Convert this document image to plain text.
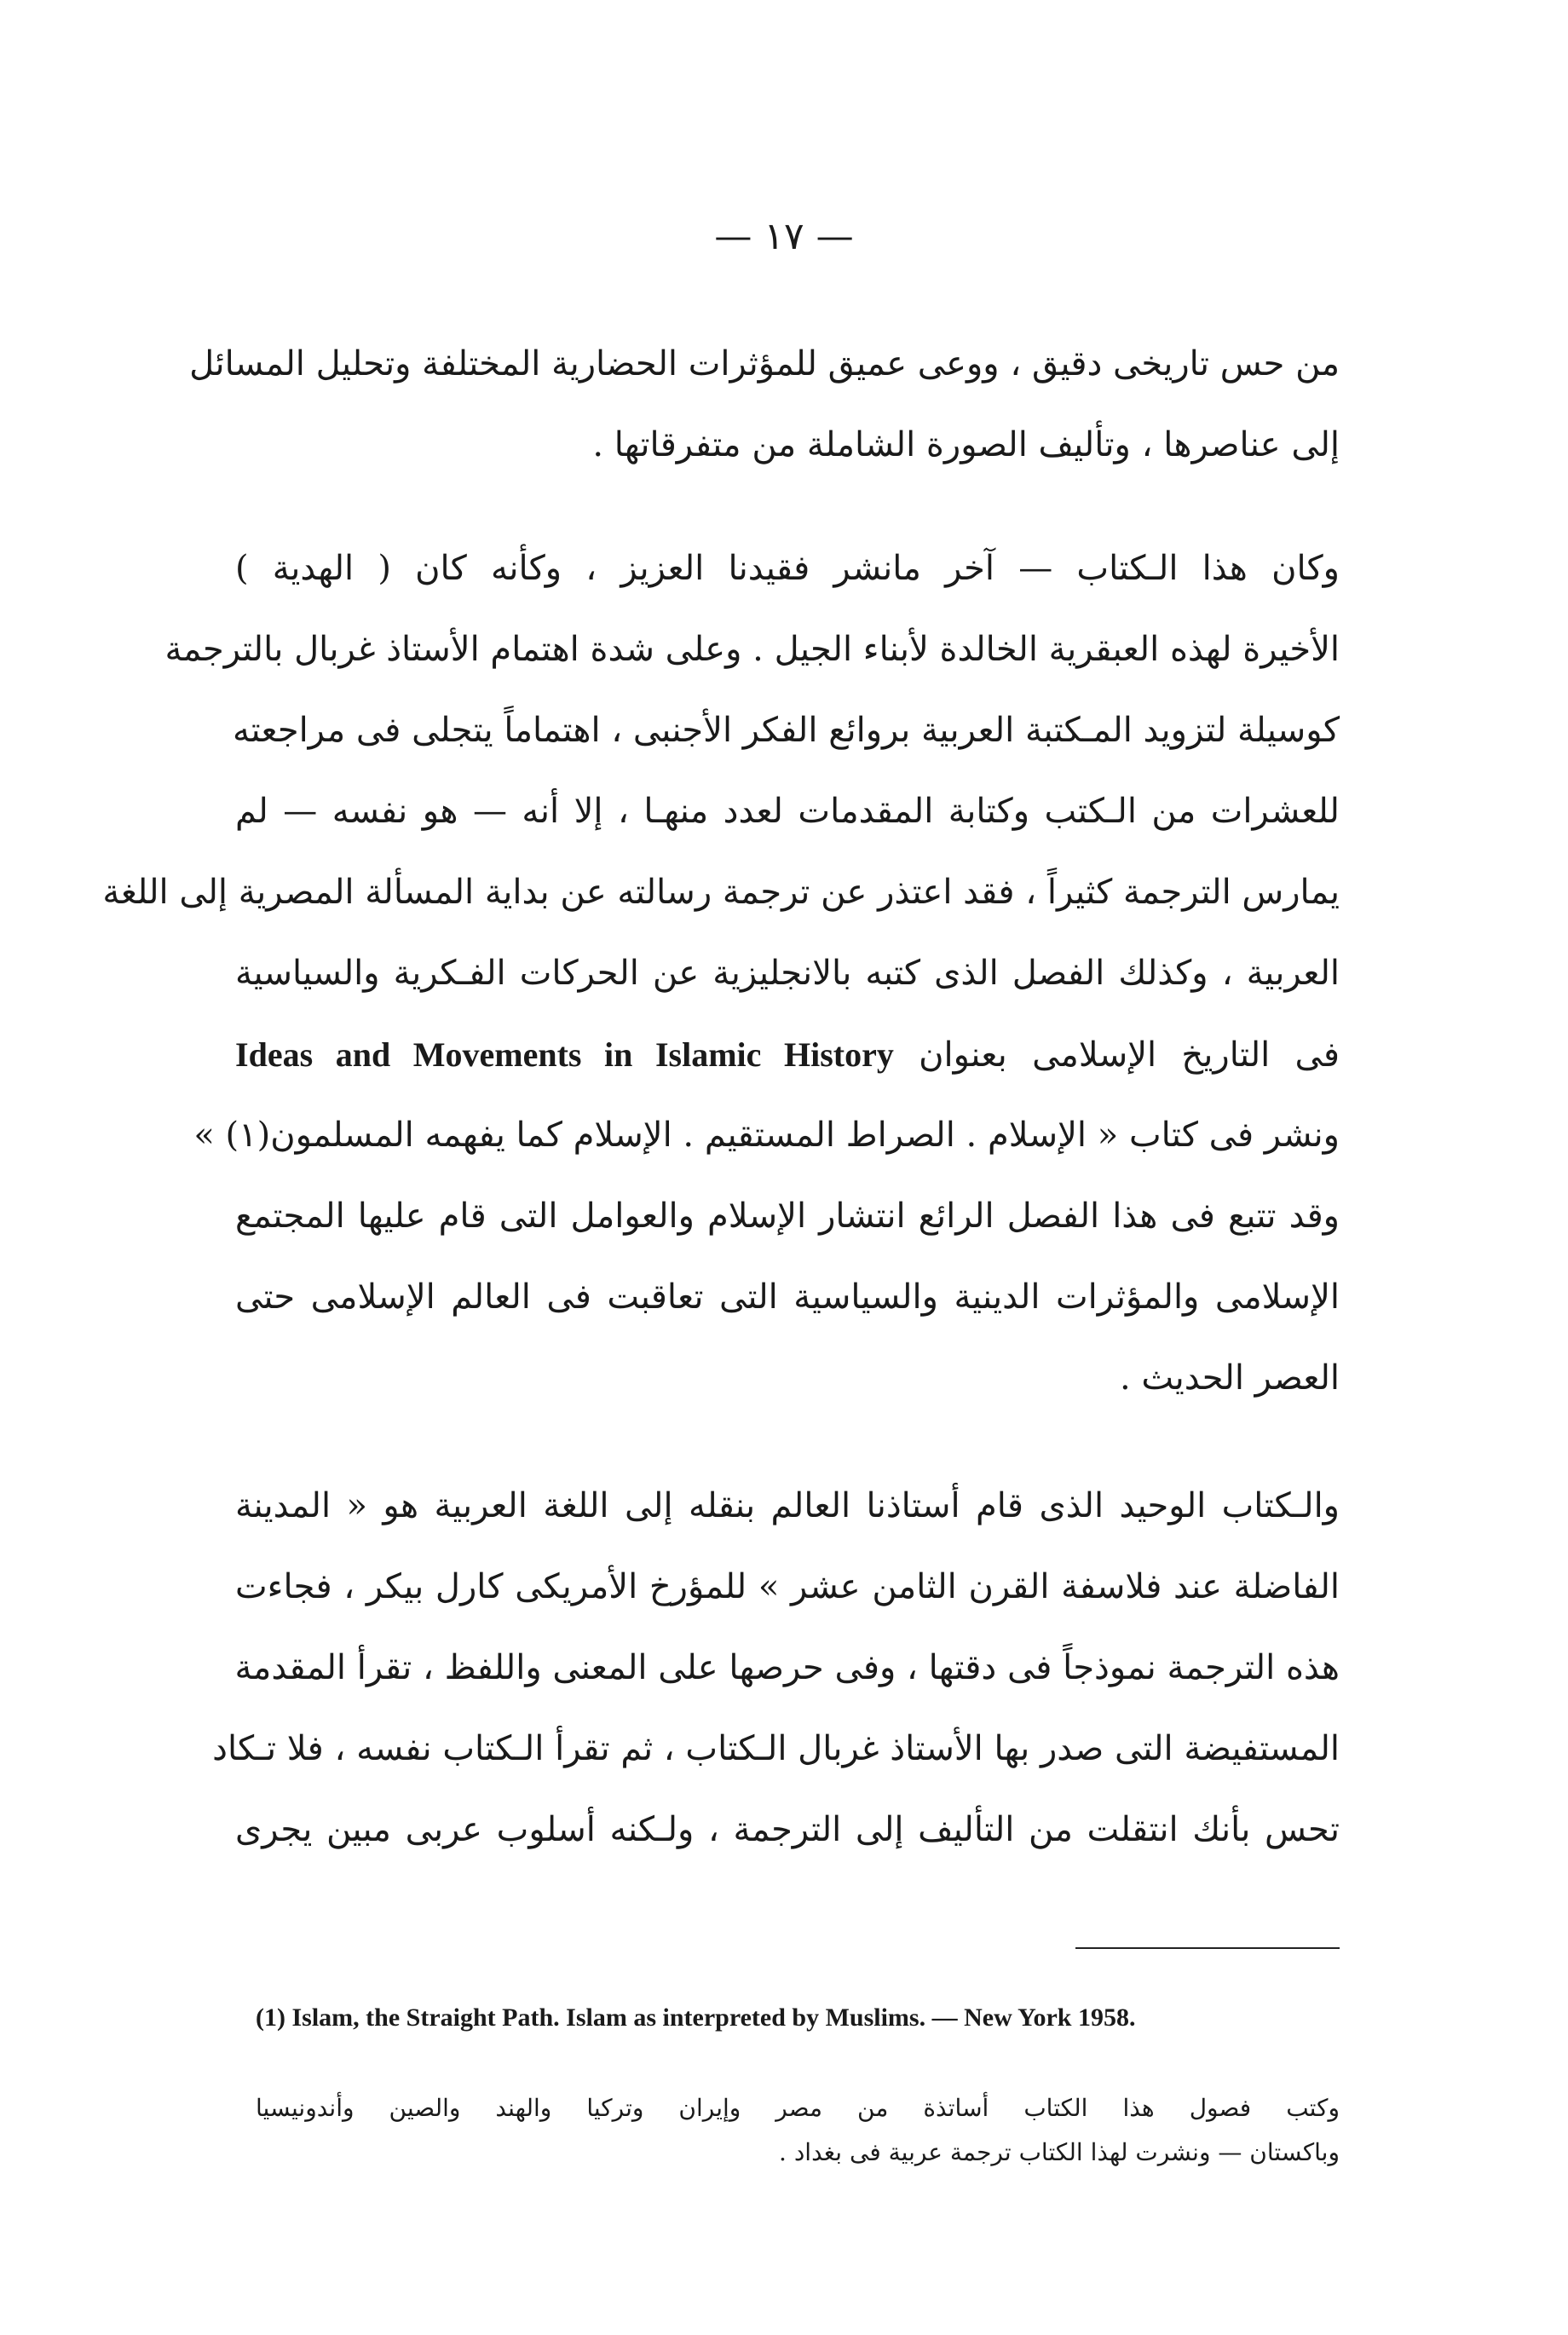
— ١٧ —
من حس تاريخى دقيق ، ووعى عميق للمؤثرات الحضارية المختلفة وتحليل المسائل
إلى عناصرها ، وتأليف الصورة الشاملة من متفرقاتها .
وكان هذا الـكتاب — آخر مانشر فقيدنا العزيز ، وكأنه كان ( الهدية )
الأخيرة لهذه العبقرية الخالدة لأبناء الجيل . وعلى شدة اهتمام الأستاذ غربال بالترجمة
كوسيلة لتزويد المـكتبة العربية بروائع الفكر الأجنبى ، اهتماماً يتجلى فى مراجعته
للعشرات من الـكتب وكتابة المقدمات لعدد منهـا ، إلا أنه — هو نفسه — لم
يمارس الترجمة كثيراً ، فقد اعتذر عن ترجمة رسالته عن بداية المسألة المصرية إلى اللغة
العربية ، وكذلك الفصل الذى كتبه بالانجليزية عن الحركات الفـكرية والسياسية
فى التاريخ الإسلامى بعنوان Ideas and Movements in Islamic History
ونشر فى كتاب « الإسلام . الصراط المستقيم . الإسلام كما يفهمه المسلمون(١) »
وقد تتبع فى هذا الفصل الرائع انتشار الإسلام والعوامل التى قام عليها المجتمع
الإسلامى والمؤثرات الدينية والسياسية التى تعاقبت فى العالم الإسلامى حتى
العصر الحديث .
والـكتاب الوحيد الذى قام أستاذنا العالم بنقله إلى اللغة العربية هو « المدينة
الفاضلة عند فلاسفة القرن الثامن عشر » للمؤرخ الأمريكى كارل بيكر ، فجاءت
هذه الترجمة نموذجاً فى دقتها ، وفى حرصها على المعنى واللفظ ، تقرأ المقدمة
المستفيضة التى صدر بها الأستاذ غربال الـكتاب ، ثم تقرأ الـكتاب نفسه ، فلا تـكاد
تحس بأنك انتقلت من التأليف إلى الترجمة ، ولـكنه أسلوب عربى مبين يجرى
(1) Islam, the Straight Path. Islam as interpreted by Muslims. — New York 1958.
وكتب فصول هذا الكتاب أساتذة من مصر وإيران وتركيا والهند والصين وأندونيسيا
وباكستان — ونشرت لهذا الكتاب ترجمة عربية فى بغداد .
